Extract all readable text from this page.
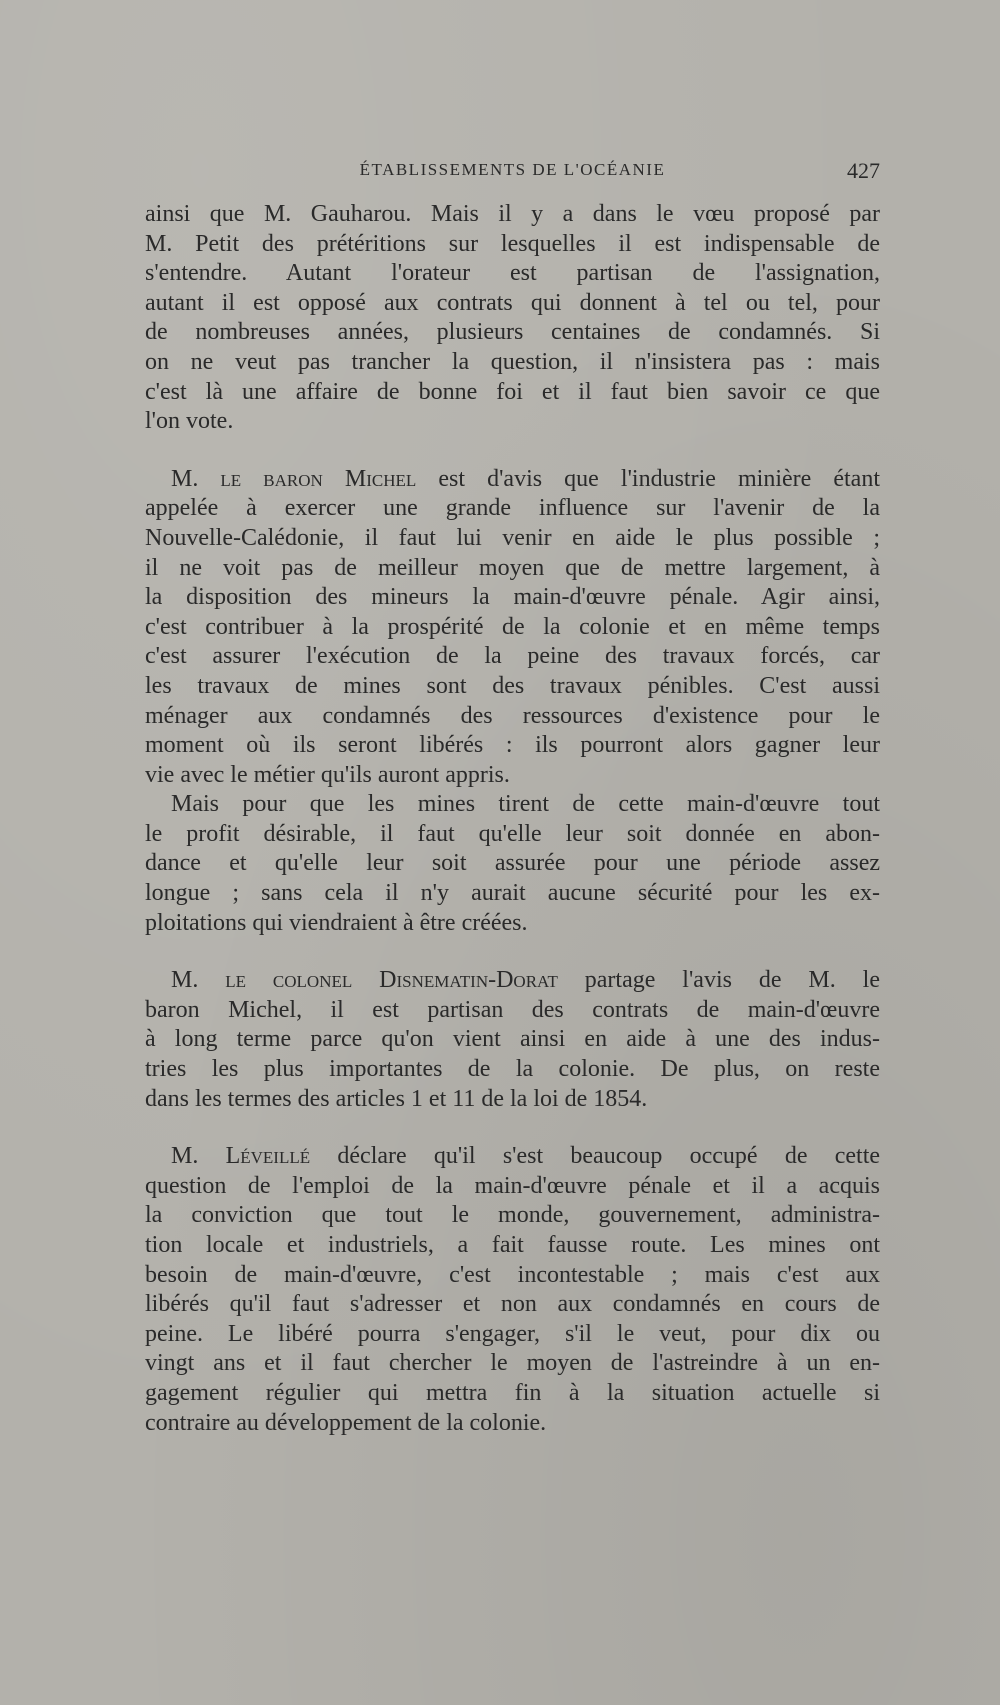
ÉTABLISSEMENTS DE L'OCÉANIE	427

ainsi que M. Gauharou. Mais il y a dans le vœu proposé par
M. Petit des prétéritions sur lesquelles il est indispensable de
s'entendre. Autant l'orateur est partisan de l'assignation,
autant il est opposé aux contrats qui donnent à tel ou tel, pour
de nombreuses années, plusieurs centaines de condamnés. Si
on ne veut pas trancher la question, il n'insistera pas : mais
c'est là une affaire de bonne foi et il faut bien savoir ce que
l'on vote.

M. le baron Michel est d'avis que l'industrie minière étant
appelée à exercer une grande influence sur l'avenir de la
Nouvelle-Calédonie, il faut lui venir en aide le plus possible ;
il ne voit pas de meilleur moyen que de mettre largement, à
la disposition des mineurs la main-d'œuvre pénale. Agir ainsi,
c'est contribuer à la prospérité de la colonie et en même temps
c'est assurer l'exécution de la peine des travaux forcés, car
les travaux de mines sont des travaux pénibles. C'est aussi
ménager aux condamnés des ressources d'existence pour le
moment où ils seront libérés : ils pourront alors gagner leur
vie avec le métier qu'ils auront appris.

Mais pour que les mines tirent de cette main-d'œuvre tout
le profit désirable, il faut qu'elle leur soit donnée en abon-
dance et qu'elle leur soit assurée pour une période assez
longue ; sans cela il n'y aurait aucune sécurité pour les ex-
ploitations qui viendraient à être créées.

M. le colonel Disnematin-Dorat partage l'avis de M. le
baron Michel, il est partisan des contrats de main-d'œuvre
à long terme parce qu'on vient ainsi en aide à une des indus-
tries les plus importantes de la colonie. De plus, on reste
dans les termes des articles 1 et 11 de la loi de 1854.

M. Léveillé déclare qu'il s'est beaucoup occupé de cette
question de l'emploi de la main-d'œuvre pénale et il a acquis
la conviction que tout le monde, gouvernement, administra-
tion locale et industriels, a fait fausse route. Les mines ont
besoin de main-d'œuvre, c'est incontestable ; mais c'est aux
libérés qu'il faut s'adresser et non aux condamnés en cours de
peine. Le libéré pourra s'engager, s'il le veut, pour dix ou
vingt ans et il faut chercher le moyen de l'astreindre à un en-
gagement régulier qui mettra fin à la situation actuelle si
contraire au développement de la colonie.
